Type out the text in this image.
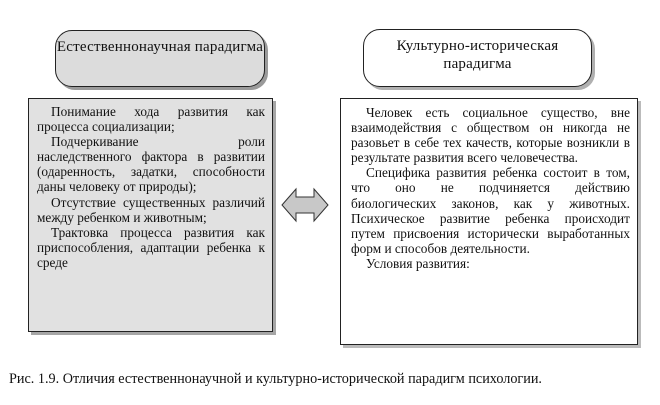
Естественнонаучная парадигма	Культурно-историческая парадигма

Понимание хода развития как процесса социализации;

Подчеркивание роли наследственного фактора в развитии (одаренность, задатки, способности даны человеку от природы);

Отсутствие существенных различий между ребенком и животным;

Трактовка процесса развития как приспособления, адаптации ребенка к среде

Человек есть социальное существо, вне взаимодействия с обществом он никогда не разовьет в себе тех качеств, которые возникли в результате развития всего человечества.

Специфика развития ребенка состоит в том, что оно не подчиняется действию биологических законов, как у животных. Психическое развитие ребенка происходит путем присвоения исторически выработанных форм и способов деятельности.

Условия развития:

Рис. 1.9. Отличия естественнонаучной и культурно-исторической парадигм психологии.
